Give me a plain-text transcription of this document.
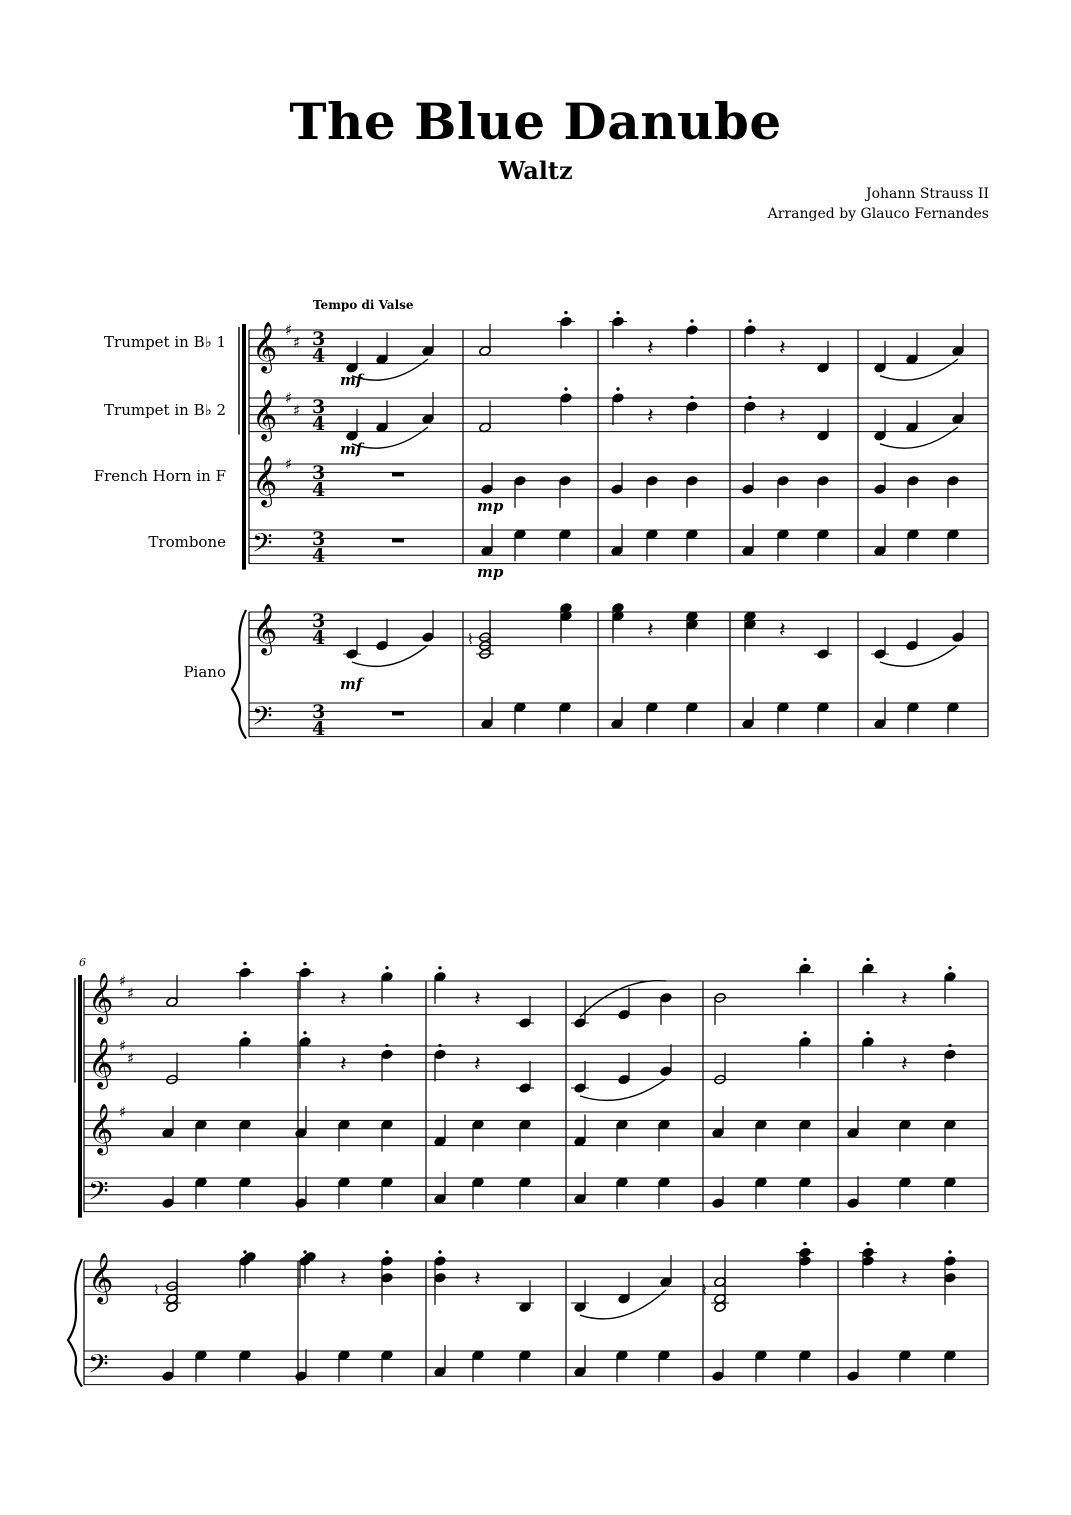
The Blue Danube
Waltz
Johann Strauss II
Arranged by Glauco Fernandes
Tempo di Valse
Trumpet in B♭ 1
Trumpet in B♭ 2
French Horn in F
Trombone
Piano
6
𝄞 ♯
♯ 3
4
𝄞 ♯
♯ 3
4
𝄞 ♯ 3
4
𝄢 3
4
𝄞 3
4
𝄢 3
4
𝄽	𝄽
mf
𝄽	𝄽
mf
mp
mp
⌇	𝄽	𝄽
mf
𝄞 ♯
♯
𝄞 ♯
♯
𝄞 ♯
𝄢
𝄞
𝄢
𝄽	𝄽	𝄽
𝄽	𝄽	𝄽
⌇	𝄽	𝄽	⌇	𝄽
